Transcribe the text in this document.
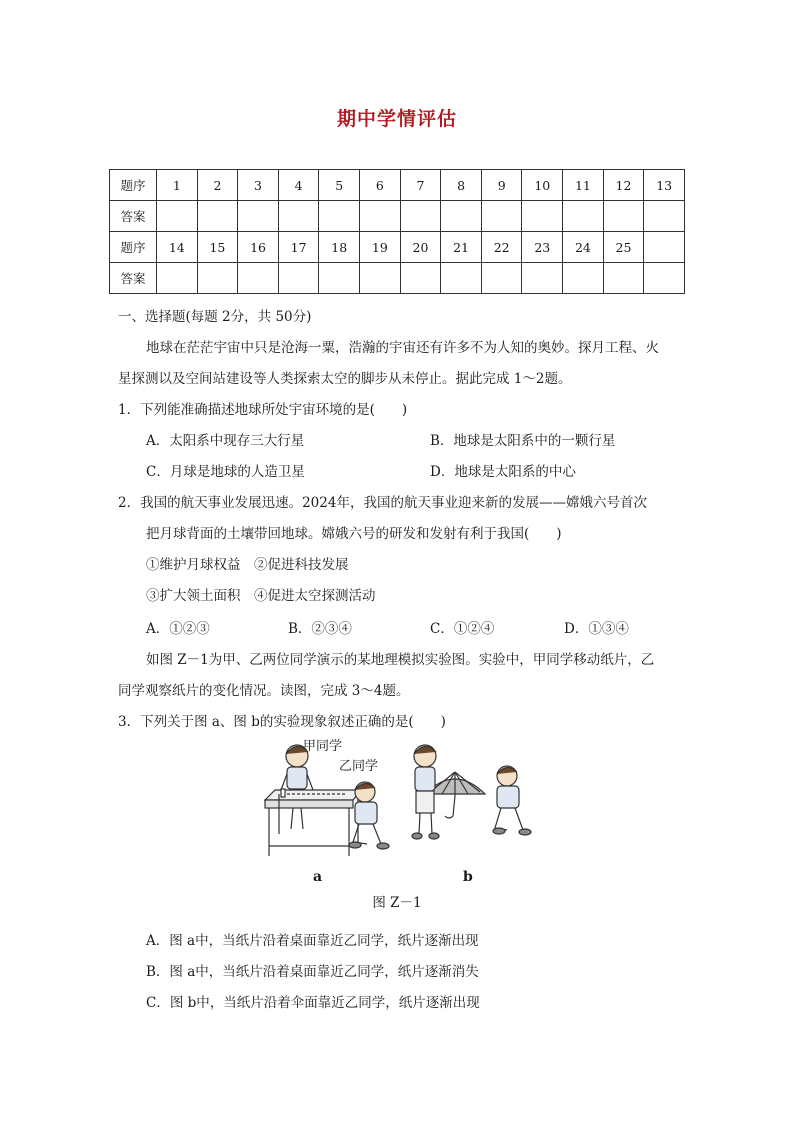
期中学情评估
题序	1	2	3	4	5	6	7	8	9	10	11	12	13
答案													
题序	14	15	16	17	18	19	20	21	22	23	24	25	
答案													
一、选择题(每题 2分，共 50分)
地球在茫茫宇宙中只是沧海一粟，浩瀚的宇宙还有许多不为人知的奥妙。探月工程、火
星探测以及空间站建设等人类探索太空的脚步从未停止。据此完成 1～2题。
1．下列能准确描述地球所处宇宙环境的是(　　)
A．太阳系中现存三大行星	B．地球是太阳系中的一颗行星
C．月球是地球的人造卫星	D．地球是太阳系的中心
2．我国的航天事业发展迅速。2024年，我国的航天事业迎来新的发展——嫦娥六号首次
把月球背面的土壤带回地球。嫦娥六号的研发和发射有利于我国(　　)
①维护月球权益　②促进科技发展
③扩大领土面积　④促进太空探测活动
A．①②③	B．②③④	C．①②④	D．①③④
如图 Z－1为甲、乙两位同学演示的某地理模拟实验图。实验中，甲同学移动纸片，乙
同学观察纸片的变化情况。读图，完成 3～4题。
3．下列关于图 a、图 b的实验现象叙述正确的是(　　)
甲同学
乙同学
a	b
图 Z－1
A．图 a中，当纸片沿着桌面靠近乙同学，纸片逐渐出现
B．图 a中，当纸片沿着桌面靠近乙同学，纸片逐渐消失
C．图 b中，当纸片沿着伞面靠近乙同学，纸片逐渐出现
